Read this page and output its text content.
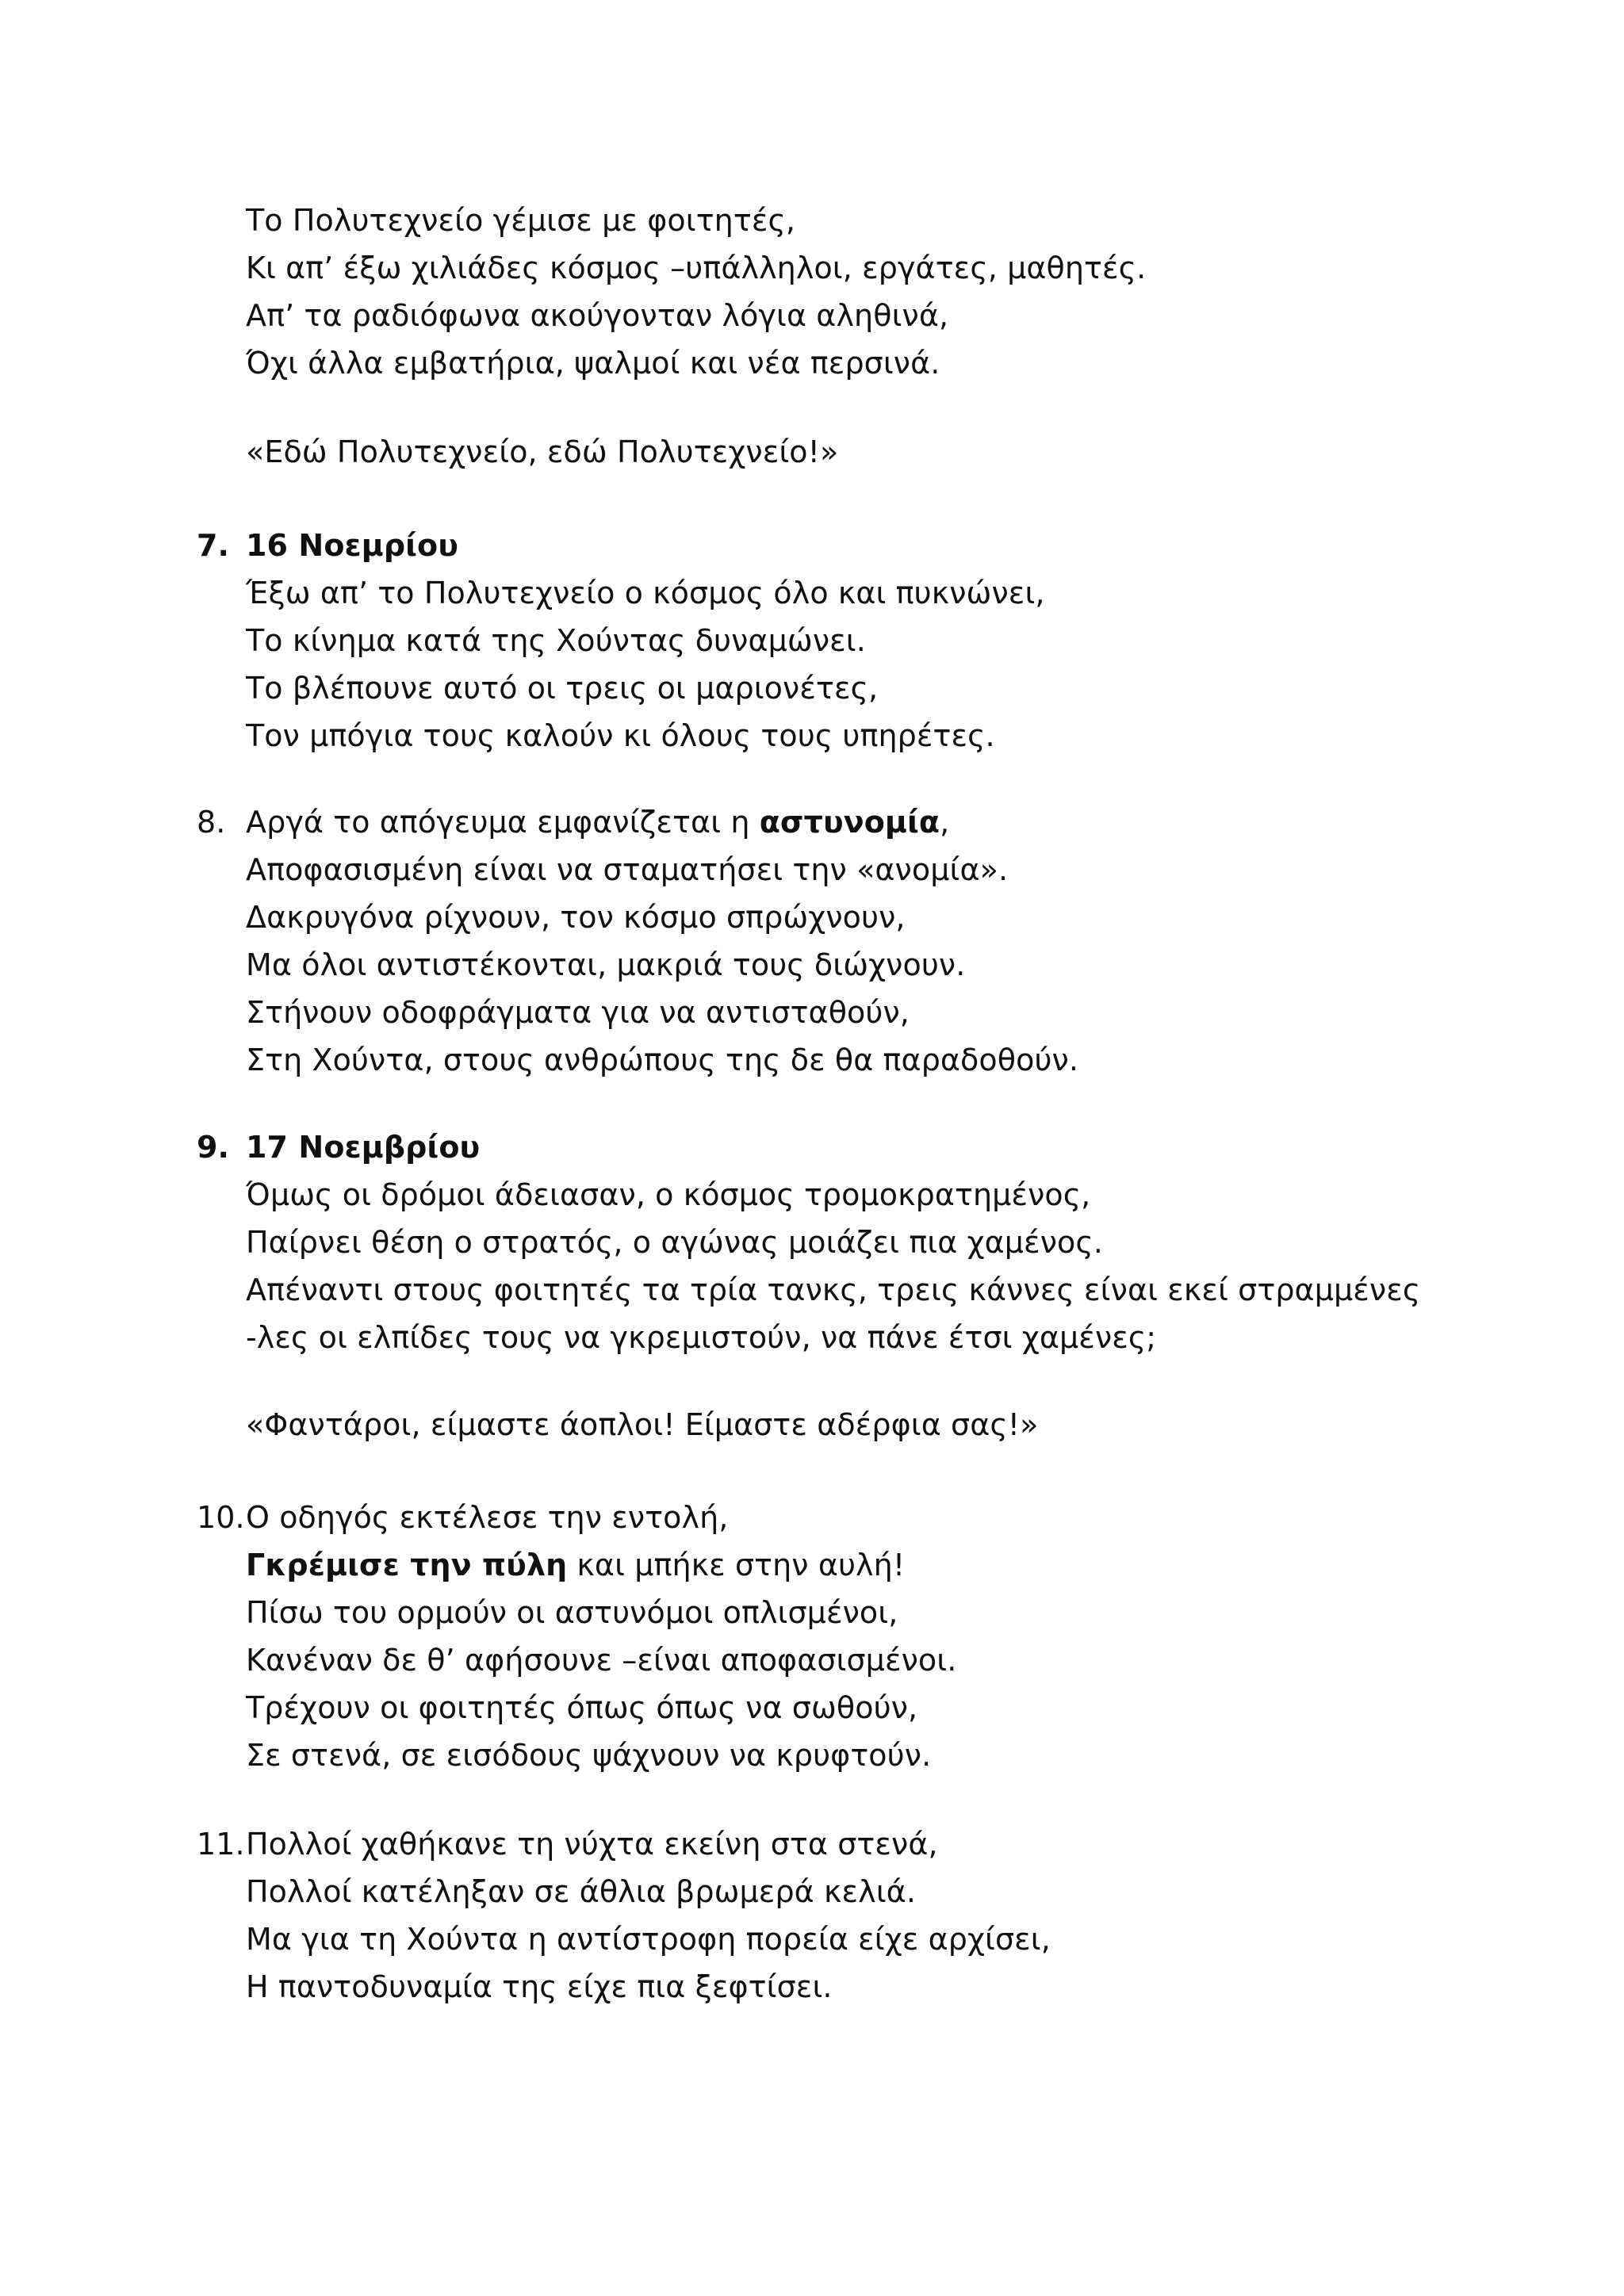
Το Πολυτεχνείο γέμισε με φοιτητές,
Κι απ’ έξω χιλιάδες κόσμος –υπάλληλοι, εργάτες, μαθητές.
Απ’ τα ραδιόφωνα ακούγονταν λόγια αληθινά,
Όχι άλλα εμβατήρια, ψαλμοί και νέα περσινά.
«Εδώ Πολυτεχνείο, εδώ Πολυτεχνείο!»
7. 16 Νοεμρίου
Έξω απ’ το Πολυτεχνείο ο κόσμος όλο και πυκνώνει,
Το κίνημα κατά της Χούντας δυναμώνει.
Το βλέπουνε αυτό οι τρεις οι μαριονέτες,
Τον μπόγια τους καλούν κι όλους τους υπηρέτες.
8. Αργά το απόγευμα εμφανίζεται η αστυνομία,
Αποφασισμένη είναι να σταματήσει την «ανομία».
Δακρυγόνα ρίχνουν, τον κόσμο σπρώχνουν,
Μα όλοι αντιστέκονται, μακριά τους διώχνουν.
Στήνουν οδοφράγματα για να αντισταθούν,
Στη Χούντα, στους ανθρώπους της δε θα παραδοθούν.
9. 17 Νοεμβρίου
Όμως οι δρόμοι άδειασαν, ο κόσμος τρομοκρατημένος,
Παίρνει θέση ο στρατός, ο αγώνας μοιάζει πια χαμένος.
Απέναντι στους φοιτητές τα τρία τανκς, τρεις κάννες είναι εκεί στραμμένες
-λες οι ελπίδες τους να γκρεμιστούν, να πάνε έτσι χαμένες;
«Φαντάροι, είμαστε άοπλοι! Είμαστε αδέρφια σας!»
10. Ο οδηγός εκτέλεσε την εντολή,
Γκρέμισε την πύλη και μπήκε στην αυλή!
Πίσω του ορμούν οι αστυνόμοι οπλισμένοι,
Κανέναν δε θ’ αφήσουνε –είναι αποφασισμένοι.
Τρέχουν οι φοιτητές όπως όπως να σωθούν,
Σε στενά, σε εισόδους ψάχνουν να κρυφτούν.
11. Πολλοί χαθήκανε τη νύχτα εκείνη στα στενά,
Πολλοί κατέληξαν σε άθλια βρωμερά κελιά.
Μα για τη Χούντα η αντίστροφη πορεία είχε αρχίσει,
Η παντοδυναμία της είχε πια ξεφτίσει.
